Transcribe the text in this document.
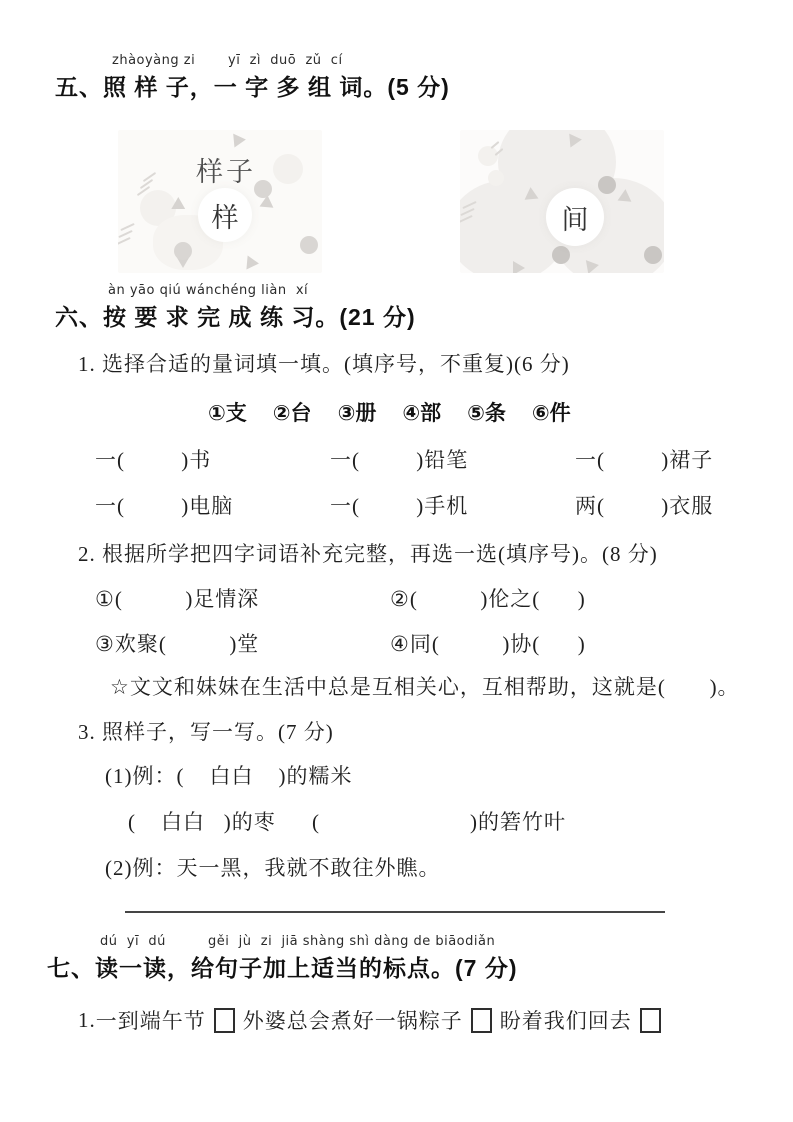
zhàoyàng zi	yī  zì  duō  zǔ  cí
五、照 样 子，一 字 多 组 词。(5 分)
样子
样	间
àn yāo qiú wánchéng liàn  xí
六、按 要 求 完 成 练 习。(21 分)
1. 选择合适的量词填一填。(填序号，不重复)(6 分)
①支 ②台 ③册 ④部 ⑤条 ⑥件
一(         )书	一(         )铅笔	一(         )裙子
一(         )电脑	一(         )手机	两(         )衣服
2. 根据所学把四字词语补充完整，再选一选(填序号)。(8 分)
①(          )足情深	②(          )伦之(      )
③欢聚(          )堂	④同(          )协(      )
☆文文和妹妹在生活中总是互相关心，互相帮助，这就是(       )。
3. 照样子，写一写。(7 分)
(1)例：(    白白    )的糯米
(    白白   )的枣 (                        )的箬竹叶
(2)例：天一黑，我就不敢往外瞧。
dú  yī  dú	gěi  jù  zi  jiā shàng shì dàng de biāodiǎn
七、读一读，给句子加上适当的标点。(7 分)
1. 一到端午节 外婆总会煮好一锅粽子 盼着我们回去
